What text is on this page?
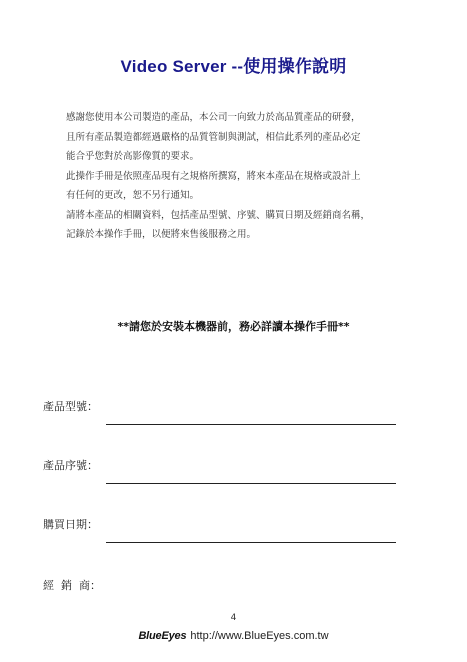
Video Server --使用操作說明

感謝您使用本公司製造的產品，本公司一向致力於高品質產品的研發，

且所有產品製造都經過嚴格的品質管制與測試，相信此系列的產品必定

能合乎您對於高影像質的要求。

此操作手冊是依照產品現有之規格所撰寫，將來本產品在規格或設計上

有任何的更改，恕不另行通知。

請將本產品的相關資料，包括產品型號、序號、購買日期及經銷商名稱，

記錄於本操作手冊，以便將來售後服務之用。

**請您於安裝本機器前，務必詳讀本操作手冊**
產品型號：
產品序號：
購買日期：
經  銷  商：
4
BlueEyes http://www.BlueEyes.com.tw
